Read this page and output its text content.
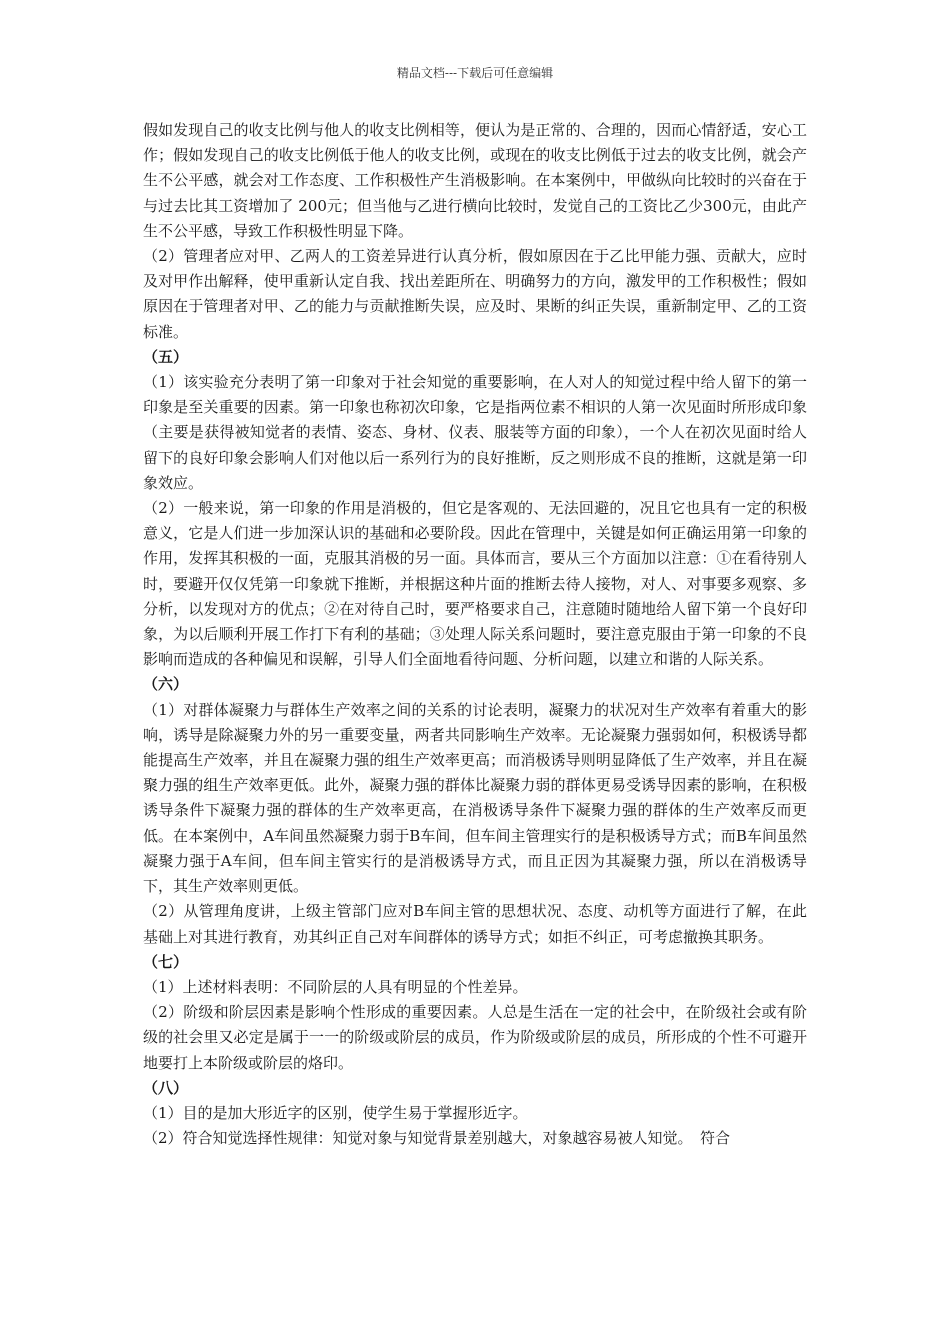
精品文档---下载后可任意编辑

假如发现自己的收支比例与他人的收支比例相等，便认为是正常的、合理的，因而心情舒适，安心工作；假如发现自己的收支比例低于他人的收支比例，或现在的收支比例低于过去的收支比例，就会产生不公平感，就会对工作态度、工作积极性产生消极影响。在本案例中，甲做纵向比较时的兴奋在于与过去比其工资增加了 200元；但当他与乙进行横向比较时，发觉自己的工资比乙少300元，由此产生不公平感，导致工作积极性明显下降。

（2）管理者应对甲、乙两人的工资差异进行认真分析，假如原因在于乙比甲能力强、贡献大，应时及对甲作出解释，使甲重新认定自我、找出差距所在、明确努力的方向，激发甲的工作积极性；假如原因在于管理者对甲、乙的能力与贡献推断失误，应及时、果断的纠正失误，重新制定甲、乙的工资标准。

（五）

（1）该实验充分表明了第一印象对于社会知觉的重要影响，在人对人的知觉过程中给人留下的第一印象是至关重要的因素。第一印象也称初次印象，它是指两位素不相识的人第一次见面时所形成印象（主要是获得被知觉者的表情、姿态、身材、仪表、服装等方面的印象），一个人在初次见面时给人留下的良好印象会影响人们对他以后一系列行为的良好推断，反之则形成不良的推断，这就是第一印象效应。

（2）一般来说，第一印象的作用是消极的，但它是客观的、无法回避的，况且它也具有一定的积极意义，它是人们进一步加深认识的基础和必要阶段。因此在管理中，关键是如何正确运用第一印象的作用，发挥其积极的一面，克服其消极的另一面。具体而言，要从三个方面加以注意：①在看待别人时，要避开仅仅凭第一印象就下推断，并根据这种片面的推断去待人接物，对人、对事要多观察、多分析，以发现对方的优点；②在对待自己时，要严格要求自己，注意随时随地给人留下第一个良好印象，为以后顺利开展工作打下有利的基础；③处理人际关系问题时，要注意克服由于第一印象的不良影响而造成的各种偏见和误解，引导人们全面地看待问题、分析问题，以建立和谐的人际关系。

（六）

（1）对群体凝聚力与群体生产效率之间的关系的讨论表明，凝聚力的状况对生产效率有着重大的影响，诱导是除凝聚力外的另一重要变量，两者共同影响生产效率。无论凝聚力强弱如何，积极诱导都能提高生产效率，并且在凝聚力强的组生产效率更高；而消极诱导则明显降低了生产效率，并且在凝聚力强的组生产效率更低。此外，凝聚力强的群体比凝聚力弱的群体更易受诱导因素的影响，在积极诱导条件下凝聚力强的群体的生产效率更高，在消极诱导条件下凝聚力强的群体的生产效率反而更低。在本案例中，A车间虽然凝聚力弱于B车间，但车间主管理实行的是积极诱导方式；而B车间虽然凝聚力强于A车间，但车间主管实行的是消极诱导方式，而且正因为其凝聚力强，所以在消极诱导下，其生产效率则更低。

（2）从管理角度讲，上级主管部门应对B车间主管的思想状况、态度、动机等方面进行了解，在此基础上对其进行教育，劝其纠正自己对车间群体的诱导方式；如拒不纠正，可考虑撤换其职务。

（七）

（1）上述材料表明：不同阶层的人具有明显的个性差异。

（2）阶级和阶层因素是影响个性形成的重要因素。人总是生活在一定的社会中，在阶级社会或有阶级的社会里又必定是属于一一的阶级或阶层的成员，作为阶级或阶层的成员，所形成的个性不可避开地要打上本阶级或阶层的烙印。

（八）

（1）目的是加大形近字的区别，使学生易于掌握形近字。

（2）符合知觉选择性规律：知觉对象与知觉背景差别越大，对象越容易被人知觉。　符合
